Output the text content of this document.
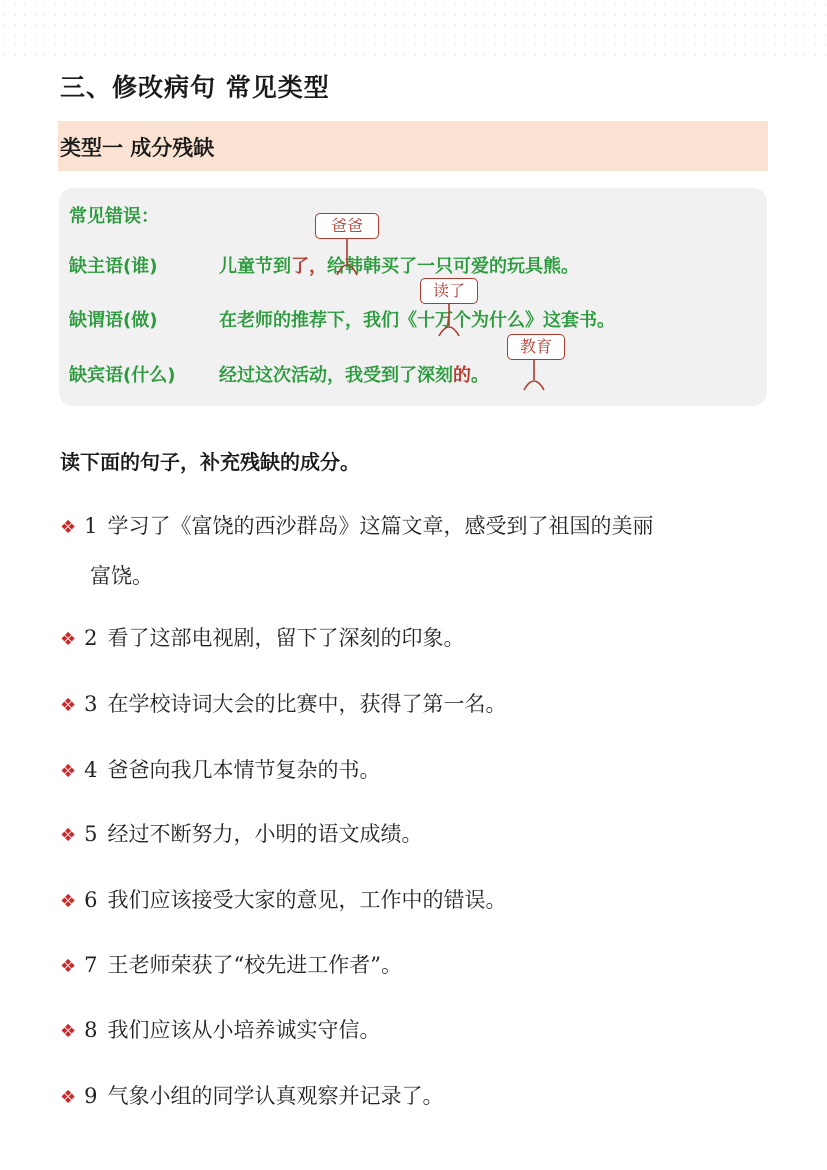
三、修改病句 常见类型
类型一 成分残缺
常见错误：
缺主语(谁)	儿童节到了，给韩韩买了一只可爱的玩具熊。
爸爸
缺谓语(做)	在老师的推荐下，我们《十万个为什么》这套书。
读了
缺宾语(什么) 经过这次活动，我受到了深刻的。
教育
读下面的句子，补充残缺的成分。
❖ 1 学习了《富饶的西沙群岛》这篇文章，感受到了祖国的美丽
富饶。
❖ 2 看了这部电视剧，留下了深刻的印象。
❖ 3 在学校诗词大会的比赛中，获得了第一名。
❖ 4 爸爸向我几本情节复杂的书。
❖ 5 经过不断努力，小明的语文成绩。
❖ 6 我们应该接受大家的意见，工作中的错误。
❖ 7 王老师荣获了“校先进工作者”。
❖ 8 我们应该从小培养诚实守信。
❖ 9 气象小组的同学认真观察并记录了。
